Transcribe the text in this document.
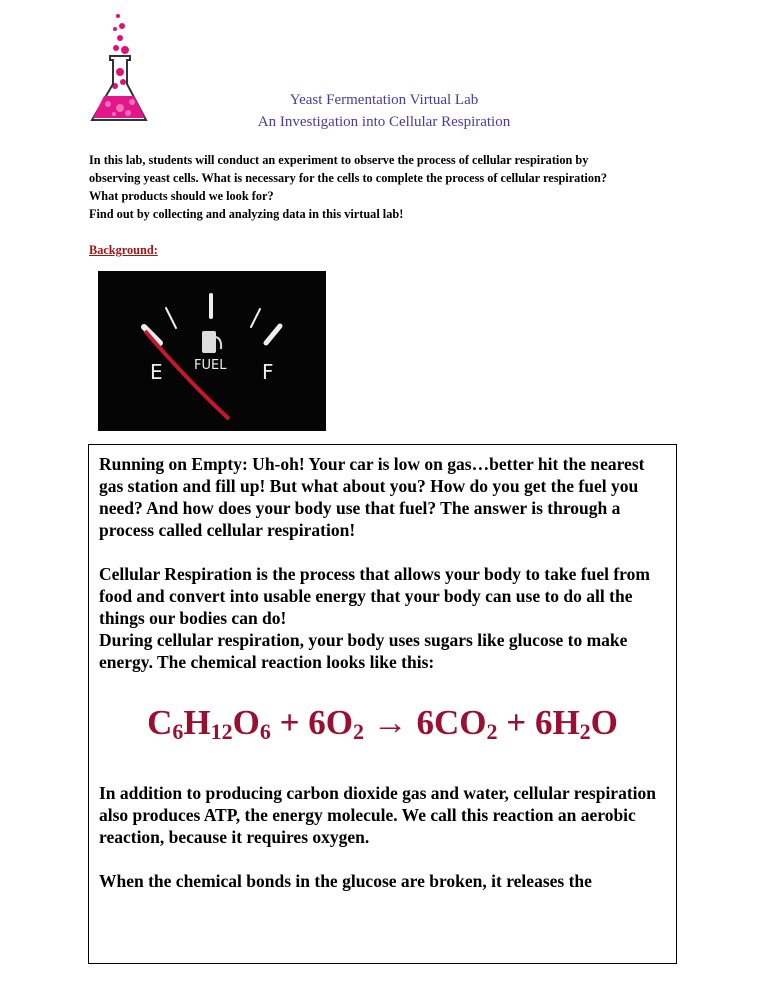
Yeast Fermentation Virtual Lab
An Investigation into Cellular Respiration
In this lab, students will conduct an experiment to observe the process of cellular respiration by
observing yeast cells. What is necessary for the cells to complete the process of cellular respiration?
What products should we look for?
Find out by collecting and analyzing data in this virtual lab!
Background:
E FUEL F

Running on Empty: Uh-oh! Your car is low on gas…better hit the nearest gas station and fill up! But what about you? How do you get the fuel you need? And how does your body use that fuel? The answer is through a process called cellular respiration!

Cellular Respiration is the process that allows your body to take fuel from food and convert into usable energy that your body can use to do all the things our bodies can do!
During cellular respiration, your body uses sugars like glucose to make energy. The chemical reaction looks like this:

$C_6H_{12}O_6 + 6O_2 \to 6CO_2 + 6H_2O$

In addition to producing carbon dioxide gas and water, cellular respiration also produces ATP, the energy molecule. We call this reaction an aerobic reaction, because it requires oxygen.

When the chemical bonds in the glucose are broken, it releases the
